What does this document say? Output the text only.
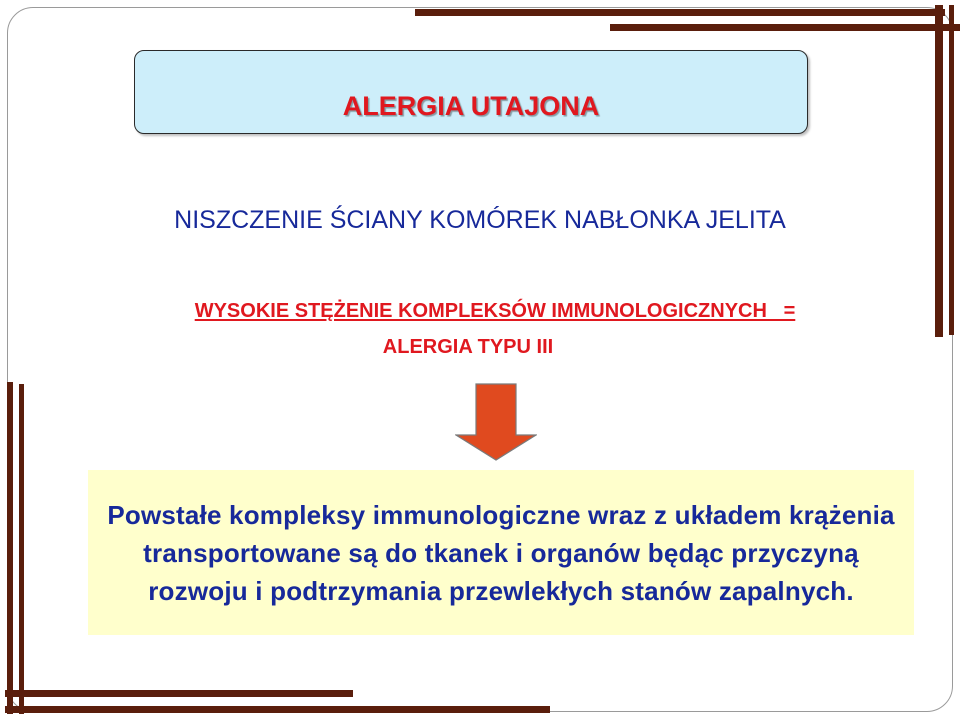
ALERGIA UTAJONA
NISZCZENIE ŚCIANY KOMÓREK NABŁONKA JELITA
WYSOKIE STĘŻENIE KOMPLEKSÓW IMMUNOLOGICZNYCH   =
ALERGIA TYPU III
Powstałe kompleksy immunologiczne wraz z układem krążenia transportowane są do tkanek i organów będąc przyczyną rozwoju i podtrzymania przewlekłych stanów zapalnych.
